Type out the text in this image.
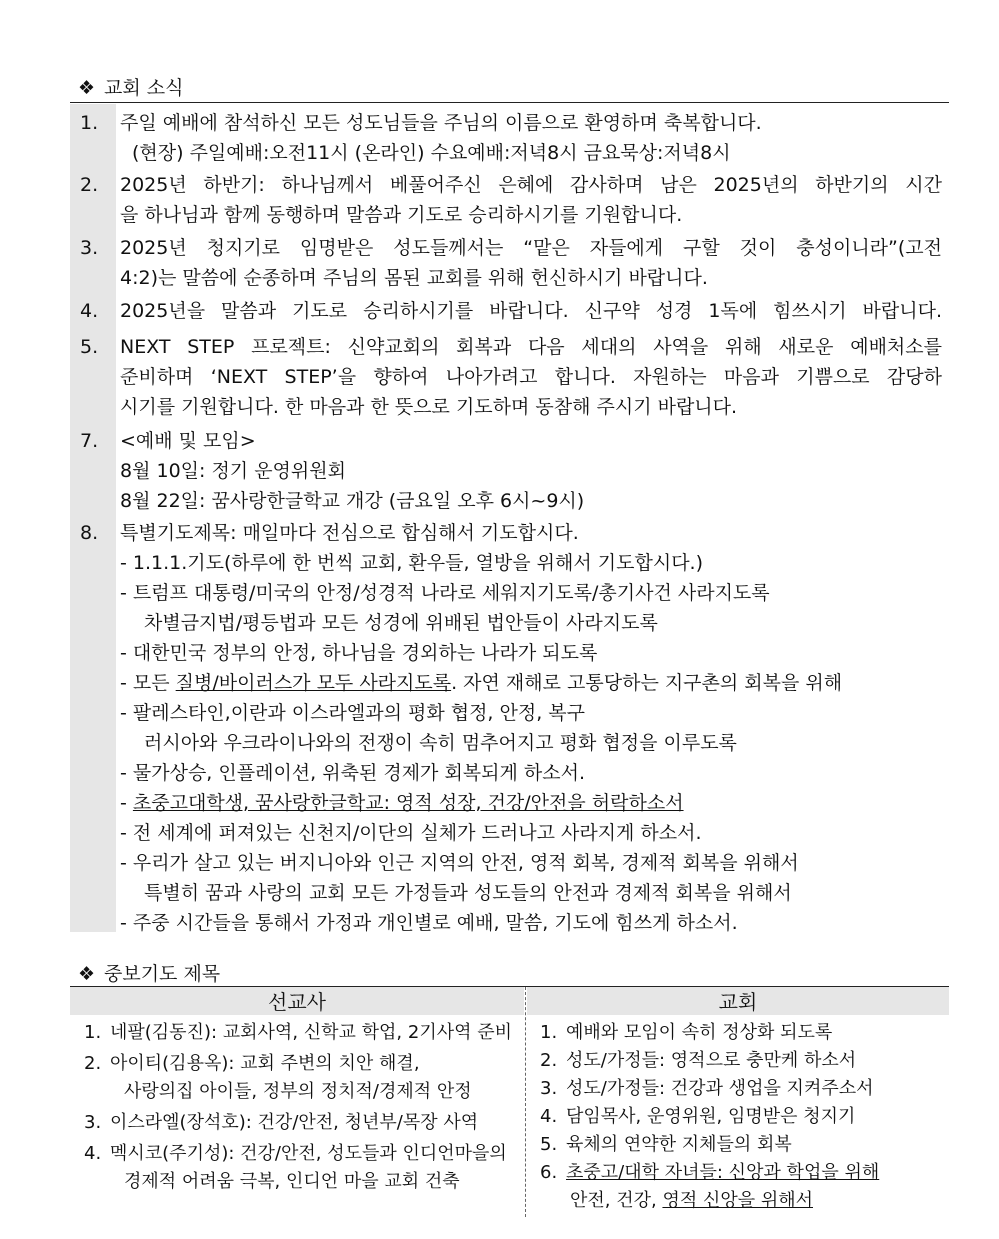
❖ 교회 소식
1.	주일 예배에 참석하신 모든 성도님들을 주님의 이름으로 환영하며 축복합니다.
(현장) 주일예배:오전11시 (온라인) 수요예배:저녁8시 금요묵상:저녁8시
2.	2025년 하반기: 하나님께서 베풀어주신 은혜에 감사하며 남은 2025년의 하반기의 시간
을 하나님과 함께 동행하며 말씀과 기도로 승리하시기를 기원합니다.
3.	2025년 청지기로 임명받은 성도들께서는 “맡은 자들에게 구할 것이 충성이니라”(고전
4:2)는 말씀에 순종하며 주님의 몸된 교회를 위해 헌신하시기 바랍니다.
4.	2025년을 말씀과 기도로 승리하시기를 바랍니다. 신구약 성경 1독에 힘쓰시기 바랍니다.
5.	NEXT STEP 프로젝트: 신약교회의 회복과 다음 세대의 사역을 위해 새로운 예배처소를
준비하며 ‘NEXT STEP’을 향하여 나아가려고 합니다. 자원하는 마음과 기쁨으로 감당하
시기를 기원합니다. 한 마음과 한 뜻으로 기도하며 동참해 주시기 바랍니다.
7.	<예배 및 모임>
8월 10일: 정기 운영위원회
8월 22일: 꿈사랑한글학교 개강 (금요일 오후 6시~9시)
8.	특별기도제목: 매일마다 전심으로 합심해서 기도합시다.
- 1.1.1.기도(하루에 한 번씩 교회, 환우들, 열방을 위해서 기도합시다.)
- 트럼프 대통령/미국의 안정/성경적 나라로 세워지기도록/총기사건 사라지도록
차별금지법/평등법과 모든 성경에 위배된 법안들이 사라지도록
- 대한민국 정부의 안정, 하나님을 경외하는 나라가 되도록
- 모든 질병/바이러스가 모두 사라지도록. 자연 재해로 고통당하는 지구촌의 회복을 위해
- 팔레스타인,이란과 이스라엘과의 평화 협정, 안정, 복구
러시아와 우크라이나와의 전쟁이 속히 멈추어지고 평화 협정을 이루도록
- 물가상승, 인플레이션, 위축된 경제가 회복되게 하소서.
- 초중고대학생, 꿈사랑한글학교: 영적 성장, 건강/안전을 허락하소서
- 전 세계에 퍼져있는 신천지/이단의 실체가 드러나고 사라지게 하소서.
- 우리가 살고 있는 버지니아와 인근 지역의 안전, 영적 회복, 경제적 회복을 위해서
특별히 꿈과 사랑의 교회 모든 가정들과 성도들의 안전과 경제적 회복을 위해서
- 주중 시간들을 통해서 가정과 개인별로 예배, 말씀, 기도에 힘쓰게 하소서.
❖ 중보기도 제목
선교사	교회
1. 네팔(김동진): 교회사역, 신학교 학업, 2기사역 준비
2. 아이티(김용옥): 교회 주변의 치안 해결,
사랑의집 아이들, 정부의 정치적/경제적 안정
3. 이스라엘(장석호): 건강/안전, 청년부/목장 사역
4. 멕시코(주기성): 건강/안전, 성도들과 인디언마을의
경제적 어려움 극복, 인디언 마을 교회 건축
1. 예배와 모임이 속히 정상화 되도록
2. 성도/가정들: 영적으로 충만케 하소서
3. 성도/가정들: 건강과 생업을 지켜주소서
4. 담임목사, 운영위원, 임명받은 청지기
5. 육체의 연약한 지체들의 회복
6. 초중고/대학 자녀들: 신앙과 학업을 위해
안전, 건강, 영적 신앙을 위해서
